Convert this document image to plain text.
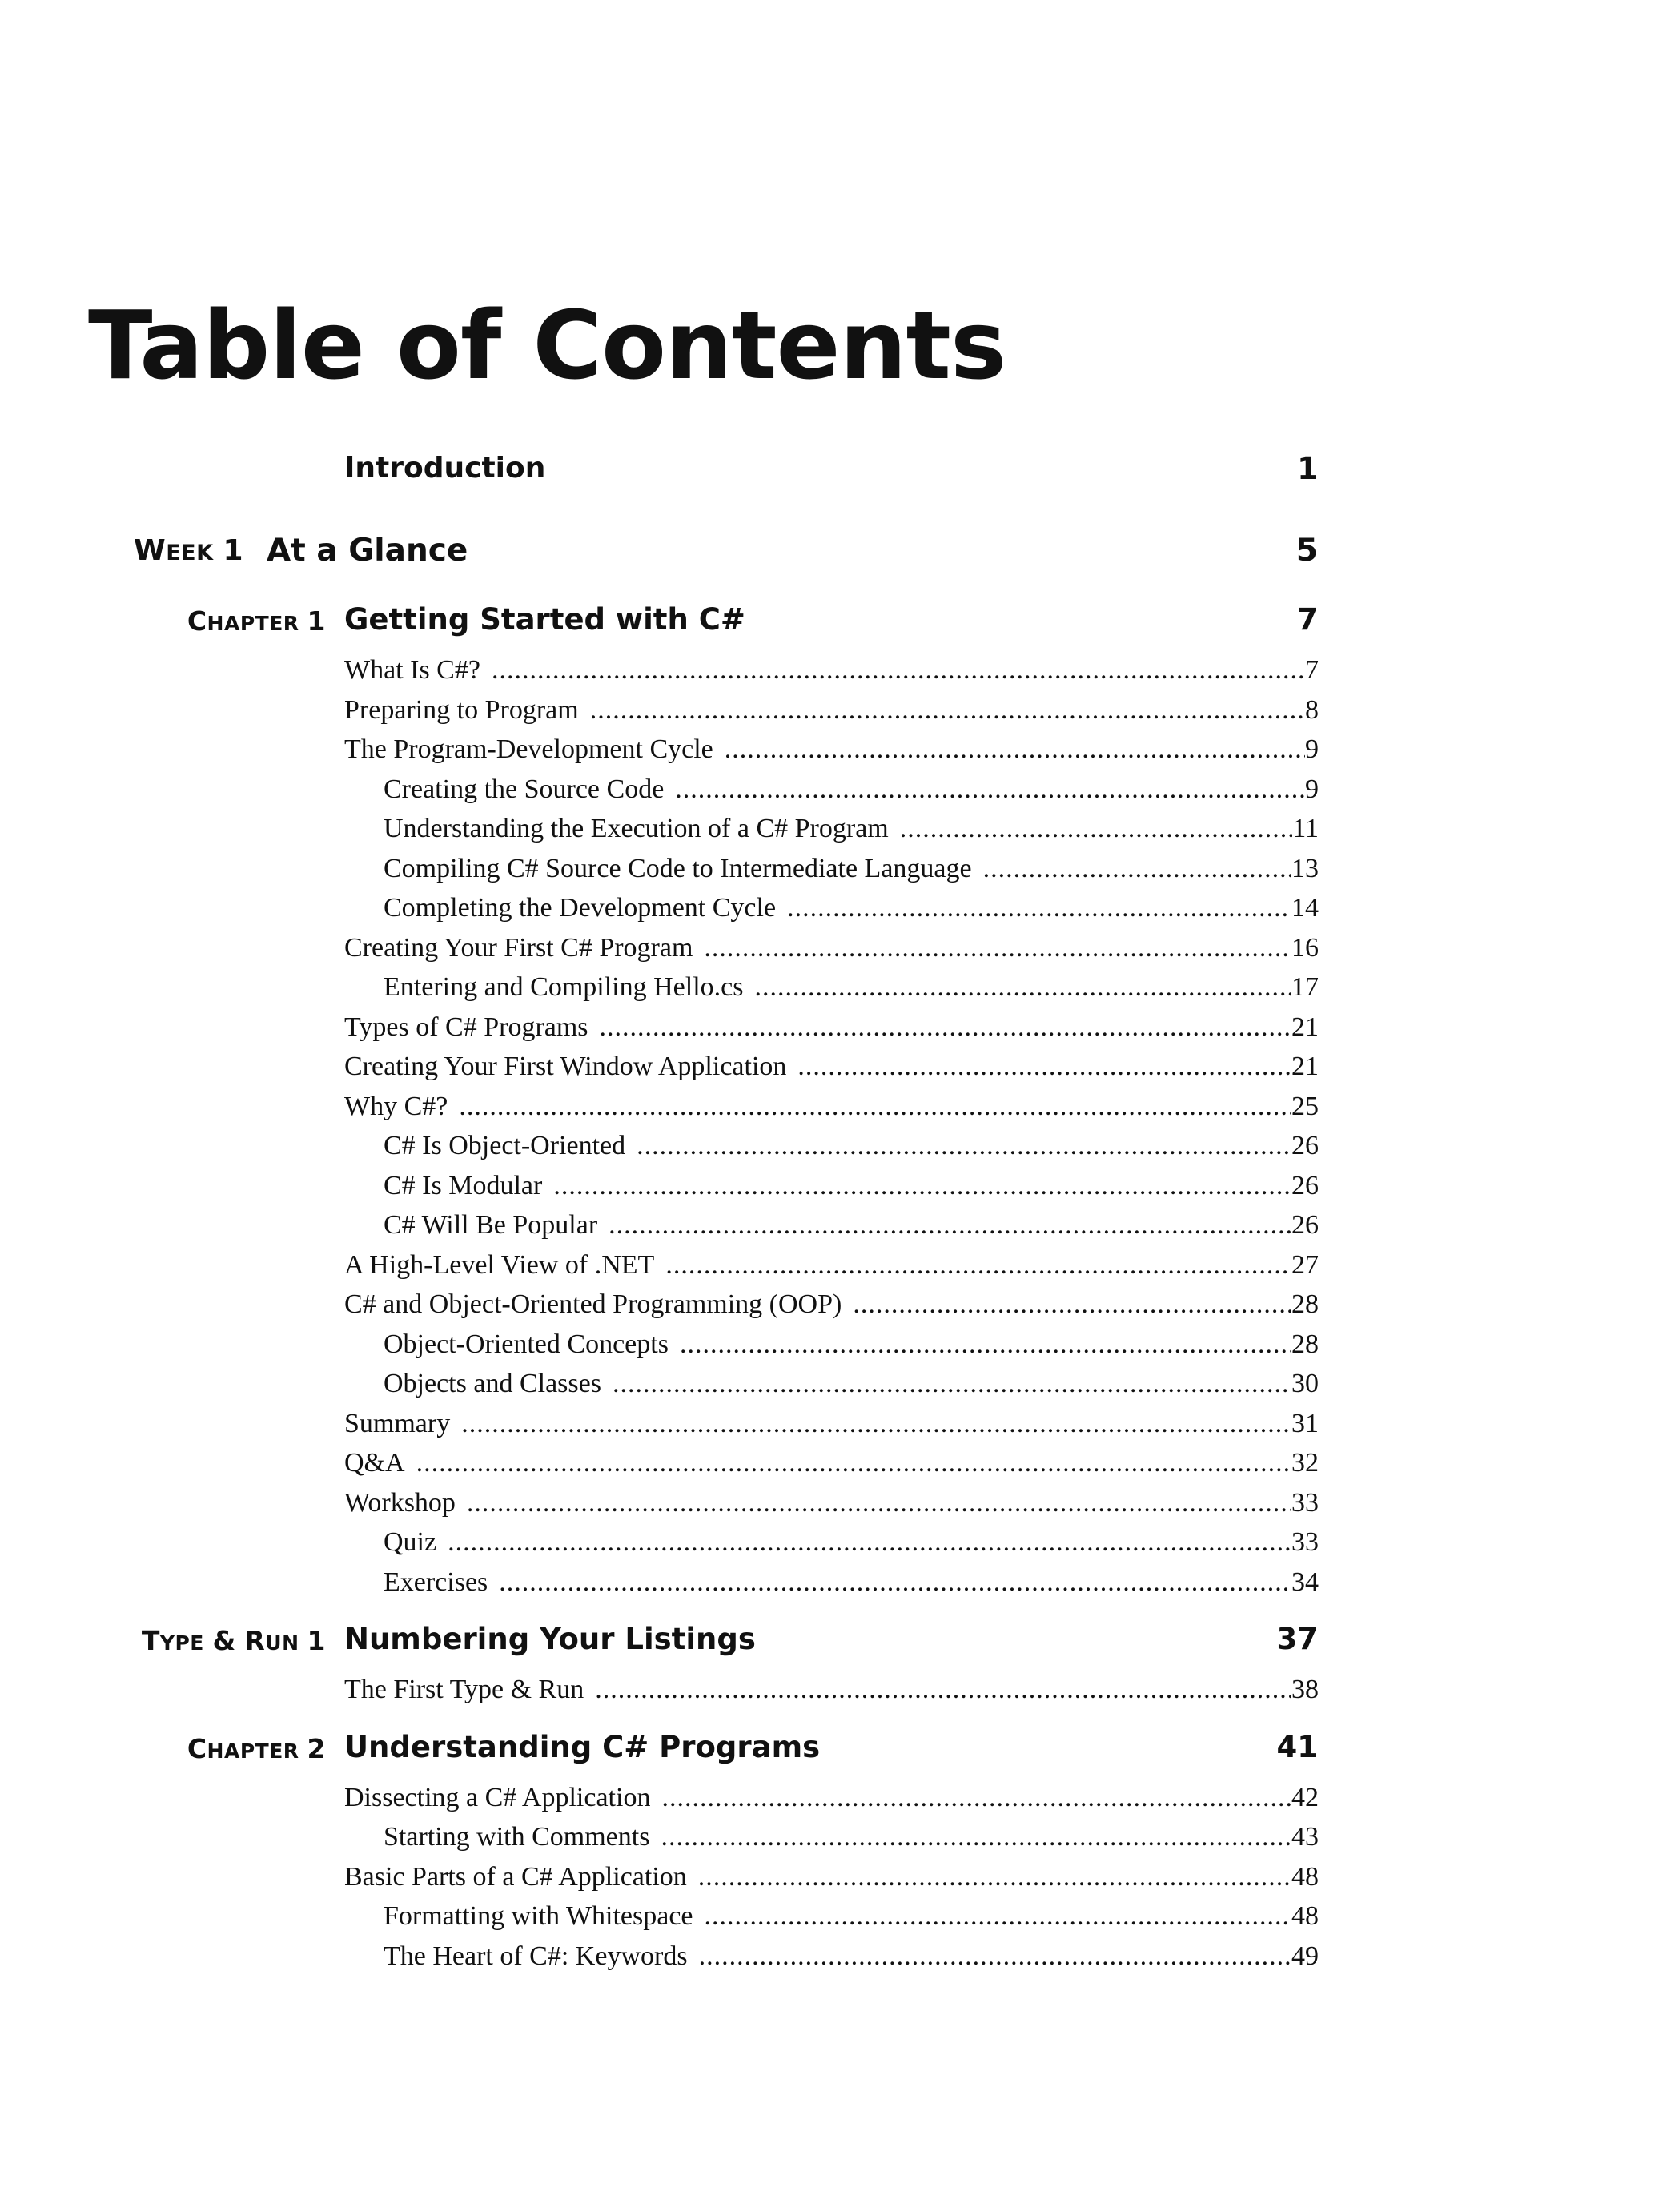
Table of Contents
Introduction	1
WEEK 1 At a Glance	5
CHAPTER 1 Getting Started with C#	7
What Is C#? .....	7
Preparing to Program .....	8
The Program-Development Cycle .....	9
Creating the Source Code .....	9
Understanding the Execution of a C# Program .....	11
Compiling C# Source Code to Intermediate Language .....	13
Completing the Development Cycle .....	14
Creating Your First C# Program .....	16
Entering and Compiling Hello.cs .....	17
Types of C# Programs .....	21
Creating Your First Window Application .....	21
Why C#? .....	25
C# Is Object-Oriented .....	26
C# Is Modular .....	26
C# Will Be Popular .....	26
A High-Level View of .NET .....	27
C# and Object-Oriented Programming (OOP) .....	28
Object-Oriented Concepts .....	28
Objects and Classes .....	30
Summary .....	31
Q&A .....	32
Workshop .....	33
Quiz .....	33
Exercises .....	34
TYPE & RUN 1 Numbering Your Listings	37
The First Type & Run .....	38
CHAPTER 2 Understanding C# Programs	41
Dissecting a C# Application .....	42
Starting with Comments .....	43
Basic Parts of a C# Application .....	48
Formatting with Whitespace .....	48
The Heart of C#: Keywords .....	49
